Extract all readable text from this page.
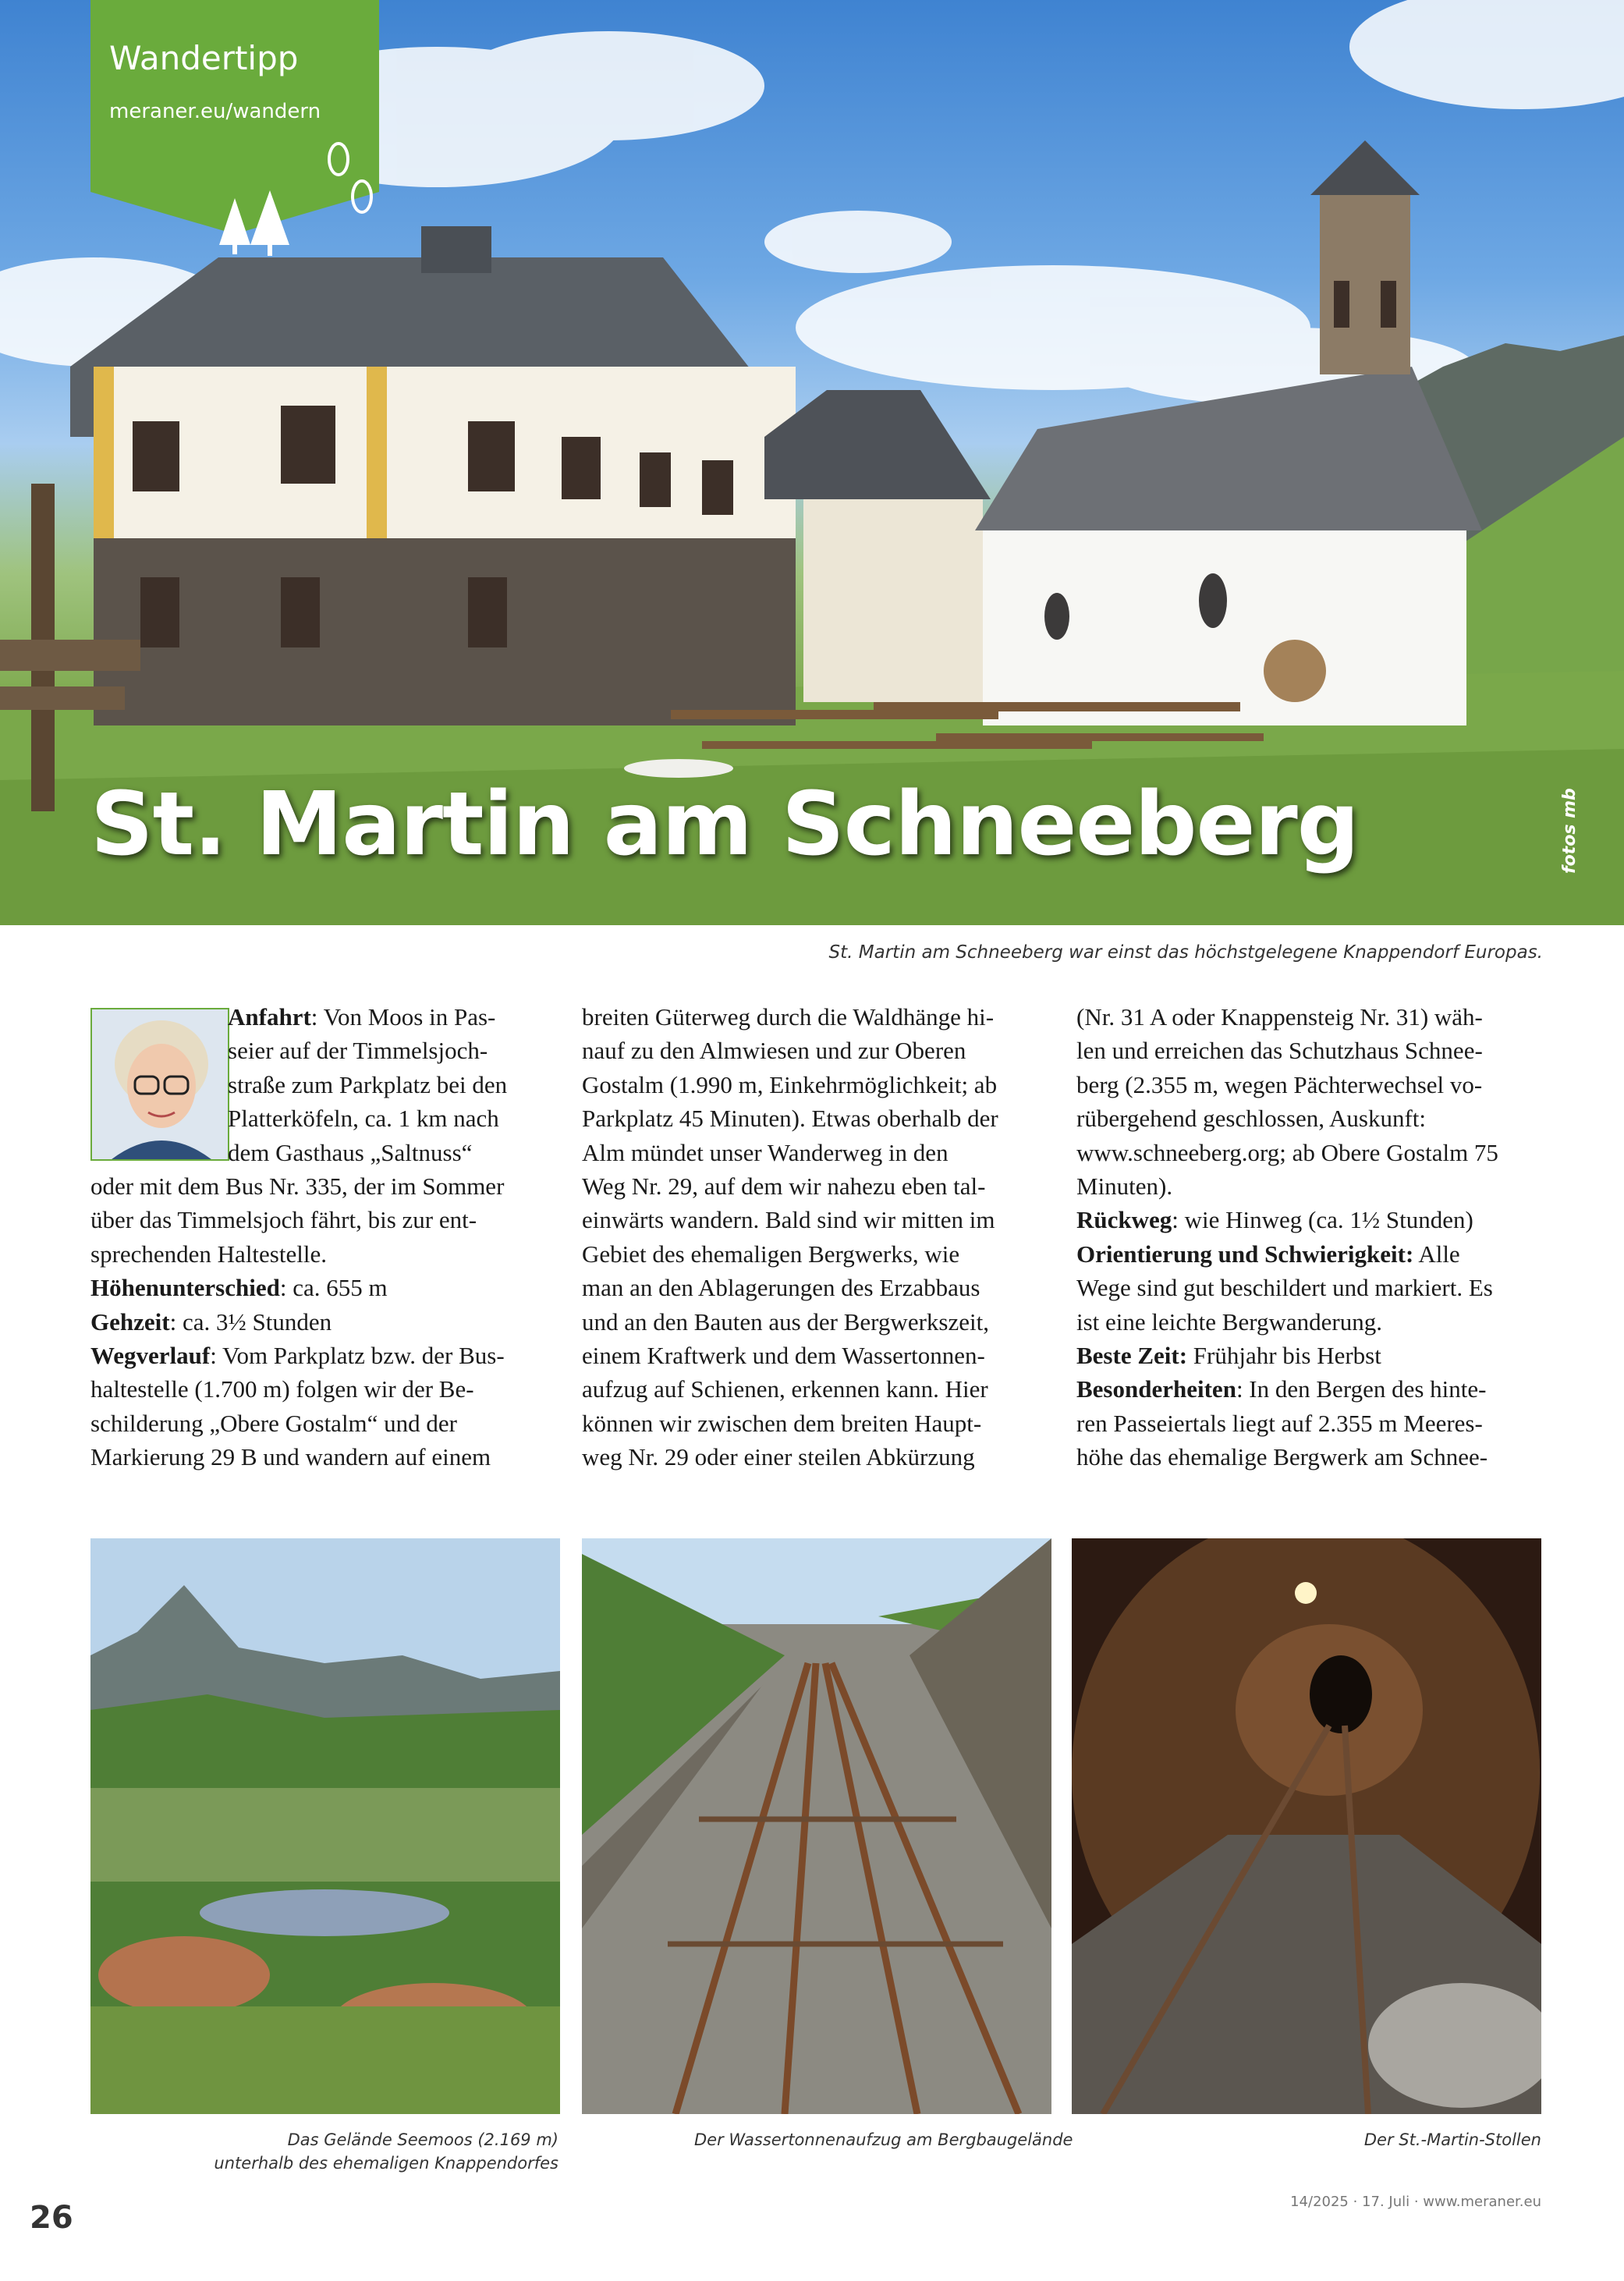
Wandertipp
meraner.eu/wandern
St. Martin am Schneeberg	fotos mb
St. Martin am Schneeberg war einst das höchstgelegene Knappendorf Europas.
Anfahrt: Von Moos in Pas-
seier auf der Timmelsjoch-
straße zum Parkplatz bei den
Platterköfeln, ca. 1 km nach
dem Gasthaus „Saltnuss“
oder mit dem Bus Nr. 335, der im Sommer
über das Timmelsjoch fährt, bis zur ent-
sprechenden Haltestelle.
Höhenunterschied: ca. 655 m
Gehzeit: ca. 3½ Stunden
Wegverlauf: Vom Parkplatz bzw. der Bus-
haltestelle (1.700 m) folgen wir der Be-
schilderung „Obere Gostalm“ und der
Markierung 29 B und wandern auf einem
breiten Güterweg durch die Waldhänge hi-
nauf zu den Almwiesen und zur Oberen
Gostalm (1.990 m, Einkehrmöglichkeit; ab
Parkplatz 45 Minuten). Etwas oberhalb der
Alm mündet unser Wanderweg in den
Weg Nr. 29, auf dem wir nahezu eben tal-
einwärts wandern. Bald sind wir mitten im
Gebiet des ehemaligen Bergwerks, wie
man an den Ablagerungen des Erzabbaus
und an den Bauten aus der Bergwerkszeit,
einem Kraftwerk und dem Wassertonnen-
aufzug auf Schienen, erkennen kann. Hier
können wir zwischen dem breiten Haupt-
weg Nr. 29 oder einer steilen Abkürzung
(Nr. 31 A oder Knappensteig Nr. 31) wäh-
len und erreichen das Schutzhaus Schnee-
berg (2.355 m, wegen Pächterwechsel vo-
rübergehend geschlossen, Auskunft:
www.schneeberg.org; ab Obere Gostalm 75
Minuten).
Rückweg: wie Hinweg (ca. 1½ Stunden)
Orientierung und Schwierigkeit: Alle
Wege sind gut beschildert und markiert. Es
ist eine leichte Bergwanderung.
Beste Zeit: Frühjahr bis Herbst
Besonderheiten: In den Bergen des hinte-
ren Passeiertals liegt auf 2.355 m Meeres-
höhe das ehemalige Bergwerk am Schnee-
Das Gelände Seemoos (2.169 m)
unterhalb des ehemaligen Knappendorfes
Der Wassertonnenaufzug am Bergbaugelände	Der St.-Martin-Stollen
26	14/2025 · 17. Juli · www.meraner.eu
